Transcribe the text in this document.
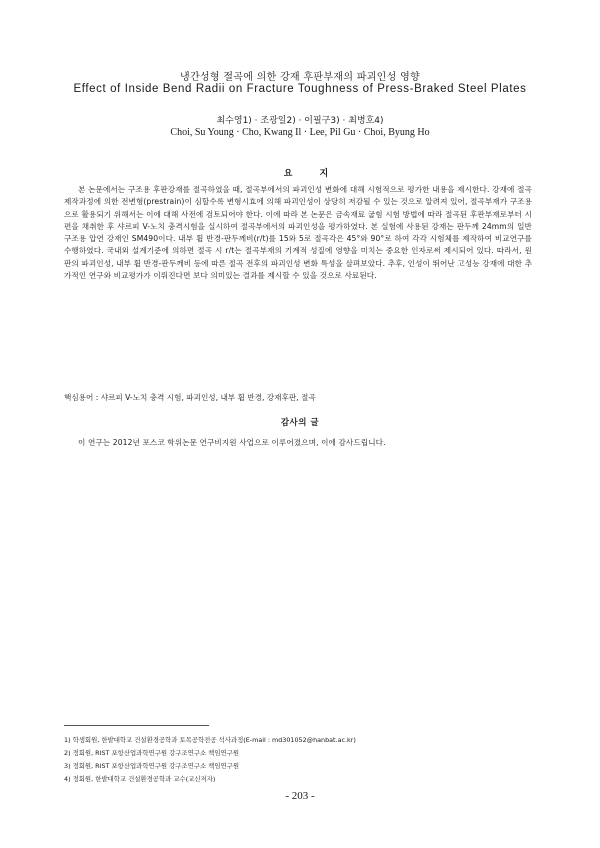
냉간성형 절곡에 의한 강재 후판부재의 파괴인성 영향
Effect of Inside Bend Radii on Fracture Toughness of Press-Braked Steel Plates
최수영1) · 조광일2) · 이필구3) · 최병호4)
Choi, Su Young · Cho, Kwang Il · Lee, Pil Gu · Choi, Byung Ho
요 지
본 논문에서는 구조용 후판강재를 절곡하였을 때, 절곡부에서의 파괴인성 변화에 대해 시험적으로 평가한 내용을 제시한다. 강재에 절곡 제작과정에 의한 전변형(prestrain)이 심할수록 변형시효에 의해 파괴인성이 상당히 저감될 수 있는 것으로 알려져 있어, 절곡부재가 구조용으로 활용되기 위해서는 이에 대해 사전에 검토되어야 한다. 이에 따라 본 논문은 금속재료 굽힘 시험 방법에 따라 절곡된 후판부재로부터 시편을 채취한 후 샤르피 V-노치 충격시험을 실시하여 절곡부에서의 파괴인성을 평가하였다. 본 실험에 사용된 강재는 판두께 24mm의 일반 구조용 압연 강재인 SM490이다. 내부 휨 반경-판두께비(r/t)를 15와 5로 절곡각은 45°와 90°로 하여 각각 시험체를 제작하여 비교연구를 수행하였다. 국내외 설계기준에 의하면 절곡 시 r/t는 절곡부재의 기계적 성질에 영향을 미치는 중요한 인자로써 제시되어 있다. 따라서, 원판의 파괴인성, 내부 휨 반경-판두께비 등에 따른 절곡 전후의 파괴인성 변화 특성을 살펴보았다. 추후, 인성이 뛰어난 고성능 강재에 대한 추가적인 연구와 비교평가가 이뤄진다면 보다 의미있는 결과를 제시할 수 있을 것으로 사료된다.
핵심용어 : 샤르피 V-노치 충격 시험, 파괴인성, 내부 휨 반경, 강재후판, 절곡
감사의 글
이 연구는 2012년 포스코 학위논문 연구비지원 사업으로 이루어졌으며, 이에 감사드립니다.
1) 학생회원, 한밭대학교 건설환경공학과 토목공학전공 석사과정(E-mail : md301052@hanbat.ac.kr)
2) 정회원, RIST 포항산업과학연구원 강구조연구소 책임연구원
3) 정회원, RIST 포항산업과학연구원 강구조연구소 책임연구원
4) 정회원, 한밭대학교 건설환경공학과 교수(교신저자)
- 203 -
